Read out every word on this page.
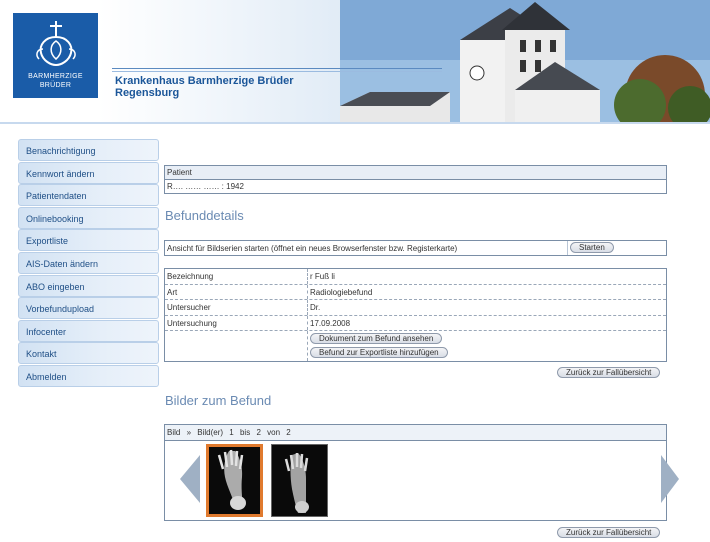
BARMHERZIGE
BRÜDER	Krankenhaus Barmherzige Brüder
Regensburg
Benachrichtigung
Kennwort ändern
Patientendaten
Onlinebooking
Exportliste
AIS-Daten ändern
ABO eingeben
Vorbefundupload
Infocenter
Kontakt
Abmelden
Patient
R…. …… …… : 1942
Befunddetails
Ansicht für Bildserien starten (öffnet ein neues Browserfenster bzw. Registerkarte)	Starten
Bezeichnung	r Fuß li
Art	Radiologiebefund
Untersucher	Dr.
Untersuchung	17.09.2008
Dokument zum Befund ansehen
Befund zur Exportliste hinzufügen
Zurück zur Fallübersicht
Bilder zum Befund
Bild » Bild(er) 1 bis 2 von 2
Zurück zur Fallübersicht
